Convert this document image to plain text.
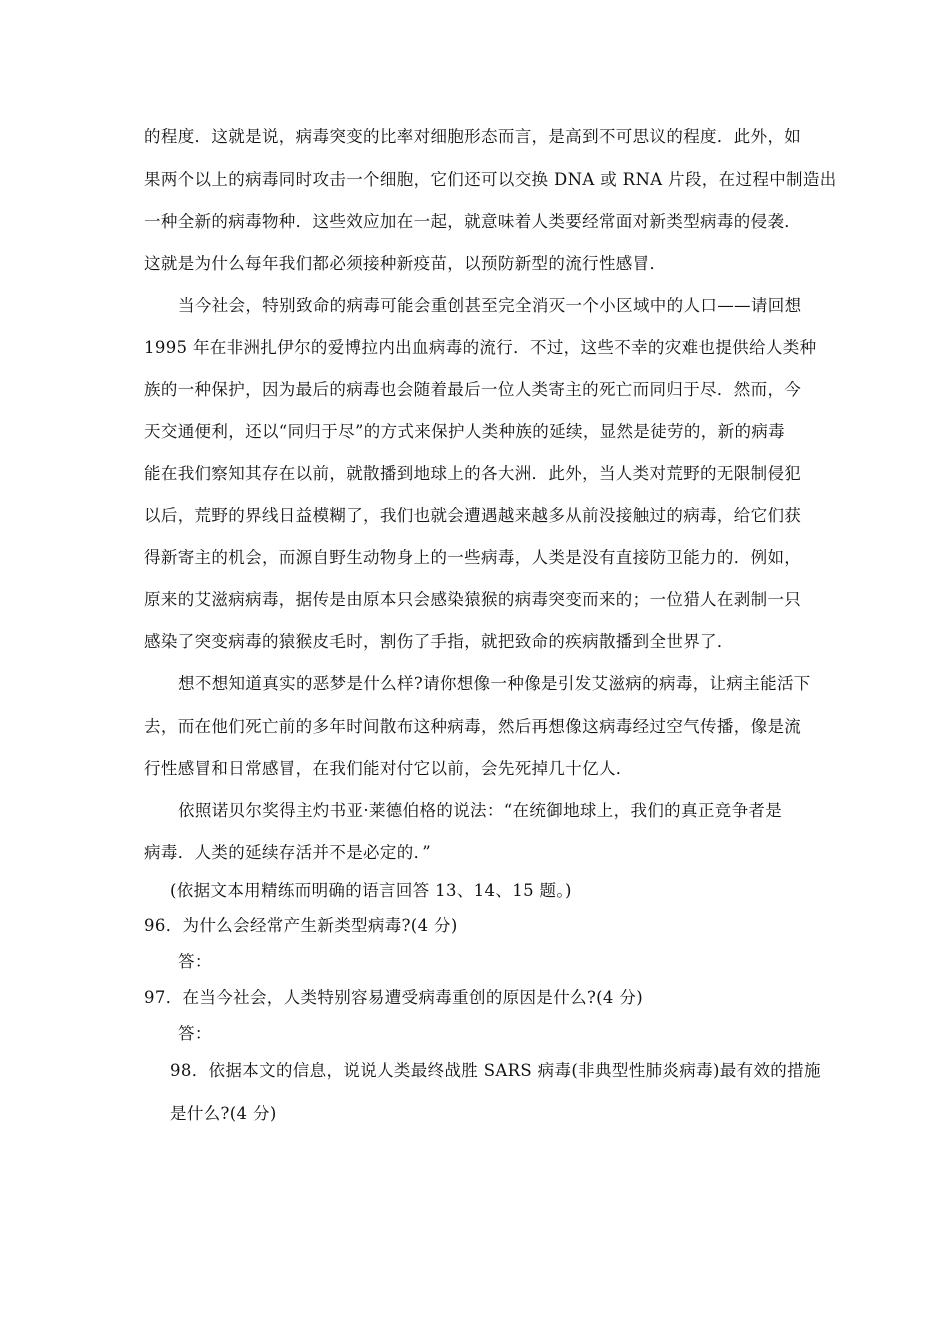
的程度．这就是说，病毒突变的比率对细胞形态而言，是高到不可思议的程度．此外，如
果两个以上的病毒同时攻击一个细胞，它们还可以交换 DNA 或 RNA 片段，在过程中制造出
一种全新的病毒物种．这些效应加在一起，就意味着人类要经常面对新类型病毒的侵袭．
这就是为什么每年我们都必须接种新疫苗，以预防新型的流行性感冒．
当今社会，特别致命的病毒可能会重创甚至完全消灭一个小区域中的人口——请回想
1995 年在非洲扎伊尔的爱博拉内出血病毒的流行．不过，这些不幸的灾难也提供给人类种
族的一种保护，因为最后的病毒也会随着最后一位人类寄主的死亡而同归于尽．然而，今
天交通便利，还以“同归于尽”的方式来保护人类种族的延续，显然是徒劳的，新的病毒
能在我们察知其存在以前，就散播到地球上的各大洲．此外，当人类对荒野的无限制侵犯
以后，荒野的界线日益模糊了，我们也就会遭遇越来越多从前没接触过的病毒，给它们获
得新寄主的机会，而源自野生动物身上的一些病毒，人类是没有直接防卫能力的．例如，
原来的艾滋病病毒，据传是由原本只会感染猿猴的病毒突变而来的；一位猎人在剥制一只
感染了突变病毒的猿猴皮毛时，割伤了手指，就把致命的疾病散播到全世界了．
想不想知道真实的恶梦是什么样?请你想像一种像是引发艾滋病的病毒，让病主能活下
去，而在他们死亡前的多年时间散布这种病毒，然后再想像这病毒经过空气传播，像是流
行性感冒和日常感冒，在我们能对付它以前，会先死掉几十亿人．
依照诺贝尔奖得主灼书亚·莱德伯格的说法：“在统御地球上，我们的真正竞争者是
病毒．人类的延续存活并不是必定的．”
(依据文本用精练而明确的语言回答 13、14、15 题。)
96．为什么会经常产生新类型病毒?(4 分)
答：
97．在当今社会，人类特别容易遭受病毒重创的原因是什么?(4 分)
答：
98．依据本文的信息，说说人类最终战胜 SARS 病毒(非典型性肺炎病毒)最有效的措施
是什么?(4 分)
